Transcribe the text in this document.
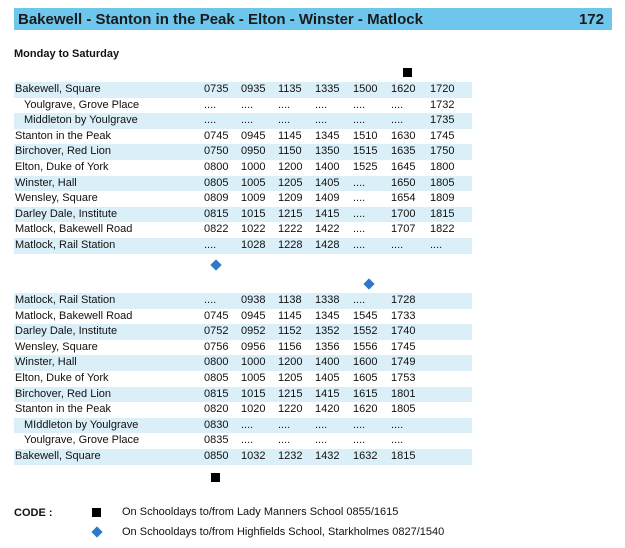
Bakewell - Stanton in the Peak - Elton - Winster - Matlock	172
Monday to Saturday
Bakewell, Square	0735	0935	1135	1335	1500	1620	1720
Youlgrave, Grove Place	....	....	....	....	....	....	1732
Middleton by Youlgrave	....	....	....	....	....	....	1735
Stanton in the Peak	0745	0945	1145	1345	1510	1630	1745
Birchover, Red Lion	0750	0950	1150	1350	1515	1635	1750
Elton, Duke of York	0800	1000	1200	1400	1525	1645	1800
Winster, Hall	0805	1005	1205	1405	....	1650	1805
Wensley, Square	0809	1009	1209	1409	....	1654	1809
Darley Dale, Institute	0815	1015	1215	1415	....	1700	1815
Matlock, Bakewell Road	0822	1022	1222	1422	....	1707	1822
Matlock, Rail Station	....	1028	1228	1428	....	....	....
Matlock, Rail Station	....	0938	1138	1338	....	1728
Matlock, Bakewell Road	0745	0945	1145	1345	1545	1733
Darley Dale, Institute	0752	0952	1152	1352	1552	1740
Wensley, Square	0756	0956	1156	1356	1556	1745
Winster, Hall	0800	1000	1200	1400	1600	1749
Elton, Duke of York	0805	1005	1205	1405	1605	1753
Birchover, Red Lion	0815	1015	1215	1415	1615	1801
Stanton in the Peak	0820	1020	1220	1420	1620	1805
MIddleton by Youlgrave	0830	....	....	....	....	....
Youlgrave, Grove Place	0835	....	....	....	....	....
Bakewell, Square	0850	1032	1232	1432	1632	1815
CODE :	On Schooldays to/from Lady Manners School 0855/1615
On Schooldays to/from Highfields School, Starkholmes 0827/1540
